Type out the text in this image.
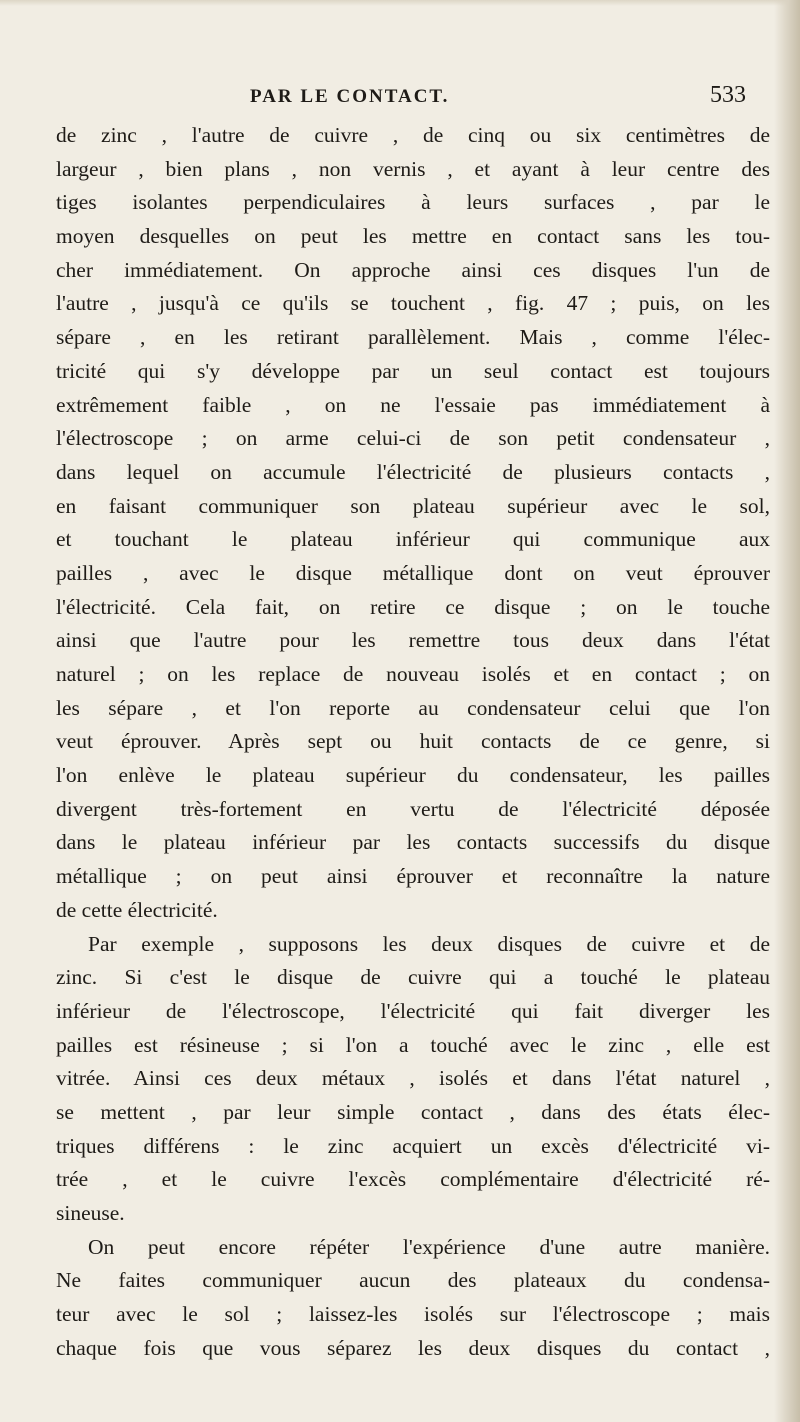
PAR LE CONTACT.	533
de zinc , l'autre de cuivre , de cinq ou six centimètres de
largeur , bien plans , non vernis , et ayant à leur centre des
tiges isolantes perpendiculaires à leurs surfaces , par le
moyen desquelles on peut les mettre en contact sans les tou-
cher immédiatement. On approche ainsi ces disques l'un de
l'autre , jusqu'à ce qu'ils se touchent , fig. 47 ; puis, on les
sépare , en les retirant parallèlement. Mais , comme l'élec-
tricité qui s'y développe par un seul contact est toujours
extrêmement faible , on ne l'essaie pas immédiatement à
l'électroscope ; on arme celui-ci de son petit condensateur ,
dans lequel on accumule l'électricité de plusieurs contacts ,
en faisant communiquer son plateau supérieur avec le sol,
et touchant le plateau inférieur qui communique aux
pailles , avec le disque métallique dont on veut éprouver
l'électricité. Cela fait, on retire ce disque ; on le touche
ainsi que l'autre pour les remettre tous deux dans l'état
naturel ; on les replace de nouveau isolés et en contact ; on
les sépare , et l'on reporte au condensateur celui que l'on
veut éprouver. Après sept ou huit contacts de ce genre, si
l'on enlève le plateau supérieur du condensateur, les pailles
divergent très-fortement en vertu de l'électricité déposée
dans le plateau inférieur par les contacts successifs du disque
métallique ; on peut ainsi éprouver et reconnaître la nature
de cette électricité.
Par exemple , supposons les deux disques de cuivre et de
zinc. Si c'est le disque de cuivre qui a touché le plateau
inférieur de l'électroscope, l'électricité qui fait diverger les
pailles est résineuse ; si l'on a touché avec le zinc , elle est
vitrée. Ainsi ces deux métaux , isolés et dans l'état naturel ,
se mettent , par leur simple contact , dans des états élec-
triques différens : le zinc acquiert un excès d'électricité vi-
trée , et le cuivre l'excès complémentaire d'électricité ré-
sineuse.
On peut encore répéter l'expérience d'une autre manière.
Ne faites communiquer aucun des plateaux du condensa-
teur avec le sol ; laissez-les isolés sur l'électroscope ; mais
chaque fois que vous séparez les deux disques du contact ,
